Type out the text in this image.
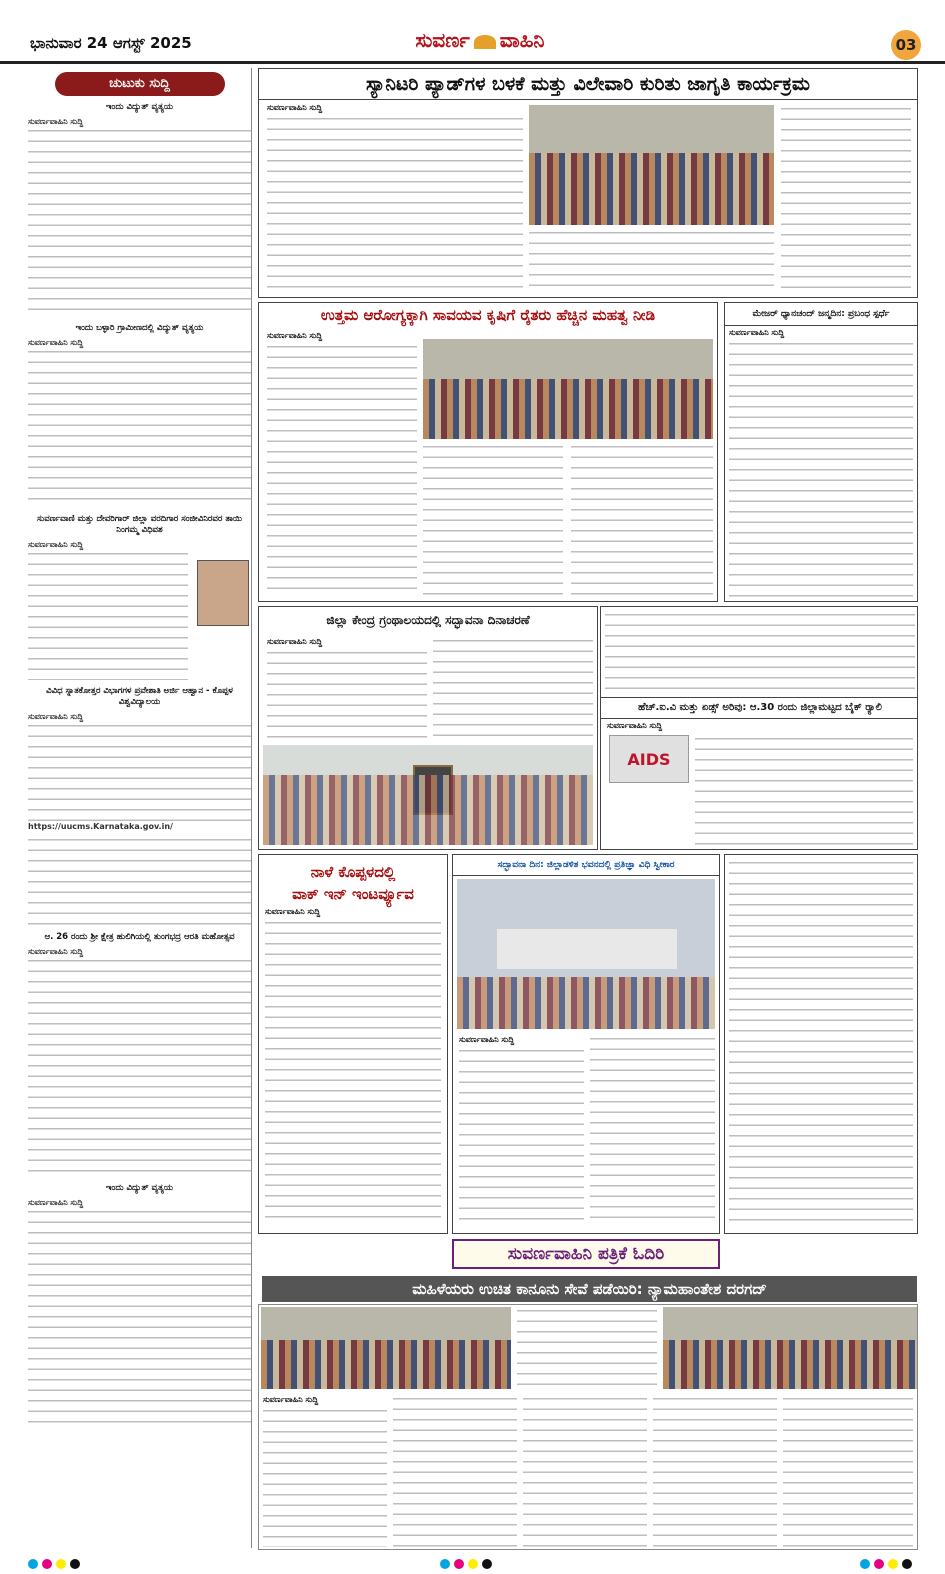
ಭಾನುವಾರ 24 ಆಗಸ್ಟ್ 2025	ಸುವರ್ಣ ವಾಹಿನಿ	03
ಚುಟುಕು ಸುದ್ದಿ
ಇಂದು ವಿದ್ಯುತ್ ವ್ಯತ್ಯಯ
ಸುವರ್ಣವಾಹಿನಿ ಸುದ್ದಿ
ಇಂದು ಬಳ್ಳಾರಿ ಗ್ರಾಮೀಣದಲ್ಲಿ ವಿದ್ಯುತ್ ವ್ಯತ್ಯಯ
ಸುವರ್ಣವಾಹಿನಿ ಸುದ್ದಿ
ಸುವರ್ಣವಾಣಿ ಮತ್ತು ದೇವರಿಗಾರ್ ಜಿಲ್ಲಾ ವರದಿಗಾರ ಸಂಜೀವಿನಿರವರ ತಾಯಿ ನಿಂಗಮ್ಮ ವಿಧಿವಶ
ಸುವರ್ಣವಾಹಿನಿ ಸುದ್ದಿ
ವಿವಿಧ ಸ್ನಾತಕೋತ್ತರ ವಿಭಾಗಗಳ ಪ್ರವೇಶಾತಿ ಅರ್ಜಿ ಆಹ್ವಾನ - ಕೊಪ್ಪಳ ವಿಶ್ವವಿದ್ಯಾಲಯ
ಸುವರ್ಣವಾಹಿನಿ ಸುದ್ದಿ

https://uucms.Karnataka.gov.in/

ಆ. 26 ರಂದು ಶ್ರೀ ಕ್ಷೇತ್ರ ಹುಲಿಗಿಯಲ್ಲಿ ತುಂಗಭದ್ರ ಆರತಿ ಮಹೋತ್ಸವ
ಸುವರ್ಣವಾಹಿನಿ ಸುದ್ದಿ
ಇಂದು ವಿದ್ಯುತ್ ವ್ಯತ್ಯಯ
ಸುವರ್ಣವಾಹಿನಿ ಸುದ್ದಿ
ಸ್ಯಾನಿಟರಿ ಪ್ಯಾಡ್‌ಗಳ ಬಳಕೆ ಮತ್ತು ವಿಲೇವಾರಿ ಕುರಿತು ಜಾಗೃತಿ ಕಾರ್ಯಕ್ರಮ
ಸುವರ್ಣವಾಹಿನಿ ಸುದ್ದಿ
ಉತ್ತಮ ಆರೋಗ್ಯಕ್ಕಾಗಿ ಸಾವಯವ ಕೃಷಿಗೆ ರೈತರು ಹೆಚ್ಚಿನ ಮಹತ್ವ ನೀಡಿ
ಸುವರ್ಣವಾಹಿನಿ ಸುದ್ದಿ
ಮೇಜರ್ ಧ್ಯಾನಚಂದ್ ಜನ್ಮದಿನ: ಪ್ರಬಂಧ ಸ್ಪರ್ಧೆ
ಸುವರ್ಣವಾಹಿನಿ ಸುದ್ದಿ
ಜಿಲ್ಲಾ ಕೇಂದ್ರ ಗ್ರಂಥಾಲಯದಲ್ಲಿ ಸದ್ಭಾವನಾ ದಿನಾಚರಣೆ
ಸುವರ್ಣವಾಹಿನಿ ಸುದ್ದಿ
ಹೆಚ್.ಐ.ವಿ ಮತ್ತು ಏಡ್ಸ್ ಅರಿವು: ಆ.30 ರಂದು ಜಿಲ್ಲಾಮಟ್ಟದ ಬೈಕ್ ರ‍್ಯಾಲಿ
ಸುವರ್ಣವಾಹಿನಿ ಸುದ್ದಿ
AIDS
ನಾಳೆ ಕೊಪ್ಪಳದಲ್ಲಿ
ವಾಕ್ ಇನ್ ಇಂಟರ್ವ್ಯೂವ
ಸುವರ್ಣವಾಹಿನಿ ಸುದ್ದಿ
ಸದ್ಭಾವನಾ ದಿನ: ಜಿಲ್ಲಾಡಳಿತ ಭವನದಲ್ಲಿ ಪ್ರತಿಜ್ಞಾ ವಿಧಿ ಸ್ವೀಕಾರ
ಸುವರ್ಣವಾಹಿನಿ ಸುದ್ದಿ
ಸುವರ್ಣವಾಹಿನಿ ಪತ್ರಿಕೆ ಓದಿರಿ
ಮಹಿಳೆಯರು ಉಚಿತ ಕಾನೂನು ಸೇವೆ ಪಡೆಯಿರಿ: ನ್ಯಾಮಹಾಂತೇಶ ದರಗದ್
ಸುವರ್ಣವಾಹಿನಿ ಸುದ್ದಿ
